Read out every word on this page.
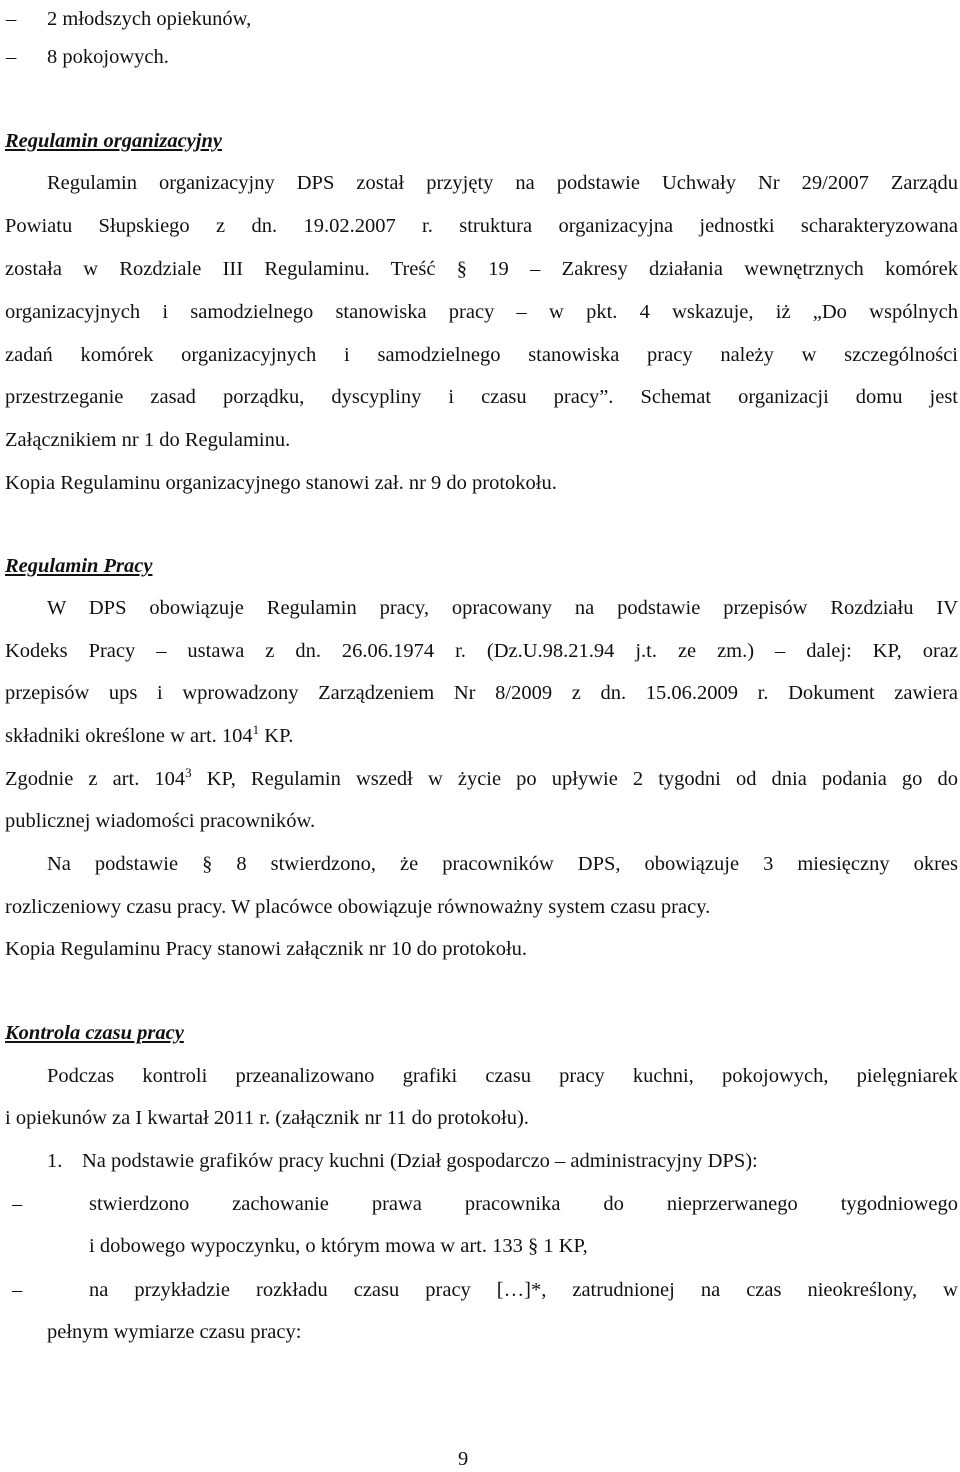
–	2 młodszych opiekunów,
–	8 pokojowych.
Regulamin organizacyjny
Regulamin organizacyjny DPS został przyjęty na podstawie Uchwały Nr 29/2007 Zarządu
Powiatu Słupskiego z dn. 19.02.2007 r. struktura organizacyjna jednostki scharakteryzowana
została w Rozdziale III Regulaminu. Treść § 19 – Zakresy działania wewnętrznych komórek
organizacyjnych i samodzielnego stanowiska pracy – w pkt. 4 wskazuje, iż „Do wspólnych
zadań komórek organizacyjnych i samodzielnego stanowiska pracy należy w szczególności
przestrzeganie zasad porządku, dyscypliny i czasu pracy”. Schemat organizacji domu jest
Załącznikiem nr 1 do Regulaminu.
Kopia Regulaminu organizacyjnego stanowi zał. nr 9 do protokołu.
Regulamin Pracy
W DPS obowiązuje Regulamin pracy, opracowany na podstawie przepisów Rozdziału IV
Kodeks Pracy – ustawa z dn. 26.06.1974 r. (Dz.U.98.21.94 j.t. ze zm.) – dalej: KP, oraz
przepisów ups i wprowadzony Zarządzeniem Nr 8/2009 z dn. 15.06.2009 r. Dokument zawiera
składniki określone w art. $104^1$ KP.
Zgodnie z art. $104^3$ KP, Regulamin wszedł w życie po upływie 2 tygodni od dnia podania go do
publicznej wiadomości pracowników.
Na podstawie § 8 stwierdzono, że pracowników DPS, obowiązuje 3 miesięczny okres
rozliczeniowy czasu pracy. W placówce obowiązuje równoważny system czasu pracy.
Kopia Regulaminu Pracy stanowi załącznik nr 10 do protokołu.
Kontrola czasu pracy
Podczas kontroli przeanalizowano grafiki czasu pracy kuchni, pokojowych, pielęgniarek
i opiekunów za I kwartał 2011 r. (załącznik nr 11 do protokołu).
1. Na podstawie grafików pracy kuchni (Dział gospodarczo – administracyjny DPS):
–	stwierdzono zachowanie prawa pracownika do nieprzerwanego tygodniowego
i dobowego wypoczynku, o którym mowa w art. 133 § 1 KP,
–	na przykładzie rozkładu czasu pracy […]*, zatrudnionej na czas nieokreślony, w
pełnym wymiarze czasu pracy:
9
